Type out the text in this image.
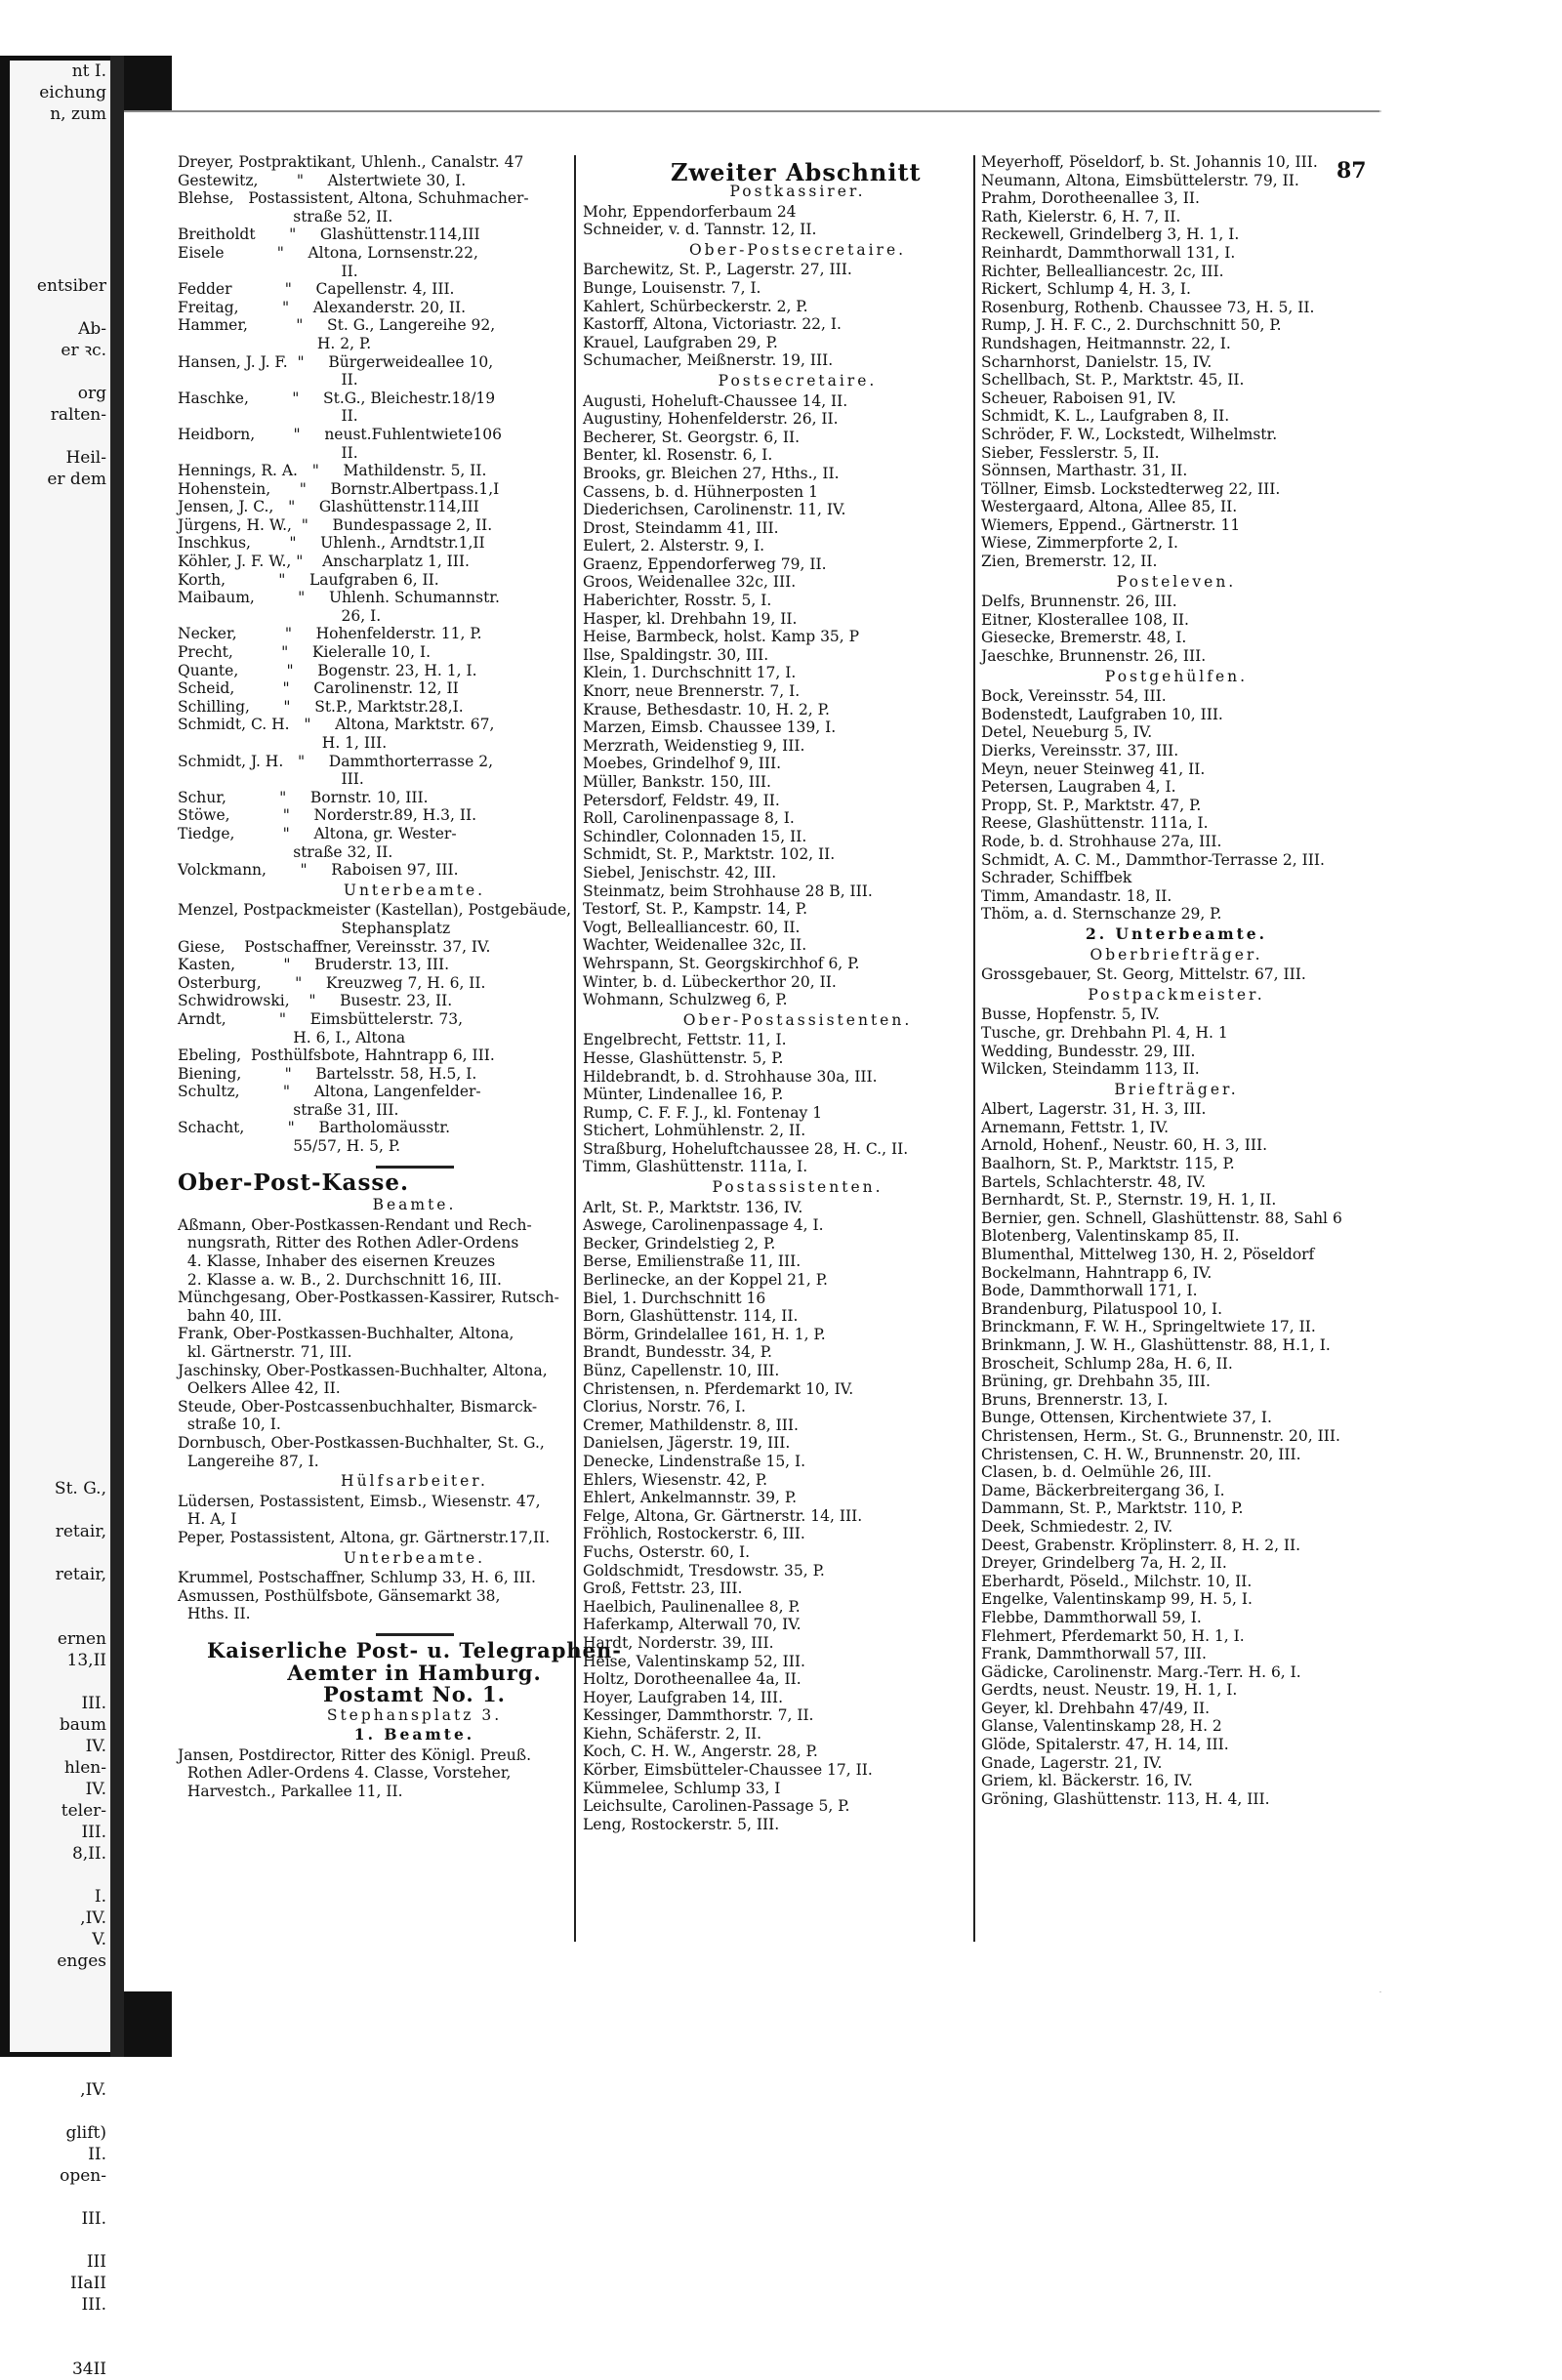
nt I.
eichung
n, zum

entsiber

Ab-
er ꝛc.

org
ralten-

Heil-
er dem

St. G.,

retair,

retair,

ernen
13,II

III.
baum
IV.
hlen-
IV.
teler-
III.
8,II.

I.
,IV.
V.
enges

,IV.

glift)
II.
open-

III.

III
IIaII
III.

34II
Zweiter Abschnitt	87
Dreyer, Postpraktikant, Uhlenh., Canalstr. 47
Gestewitz,        "     Alstertwiete 30, I.
Blehse,   Postassistent, Altona, Schuhmacher-
straße 52, II.
Breitholdt       "     Glashüttenstr.114,III
Eisele           "     Altona, Lornsenstr.22,
II.
Fedder           "     Capellenstr. 4, III.
Freitag,         "     Alexanderstr. 20, II.
Hammer,          "     St. G., Langereihe 92,
H. 2, P.
Hansen, J. J. F.  "     Bürgerweideallee 10,
II.
Haschke,         "     St.G., Bleichestr.18/19
II.
Heidborn,        "     neust.Fuhlentwiete106
II.
Hennings, R. A.   "     Mathildenstr. 5, II.
Hohenstein,      "     Bornstr.Albertpass.1,I
Jensen, J. C.,   "     Glashüttenstr.114,III
Jürgens, H. W.,  "     Bundespassage 2, II.
Inschkus,        "     Uhlenh., Arndtstr.1,II
Köhler, J. F. W., "    Anscharplatz 1, III.
Korth,           "     Laufgraben 6, II.
Maibaum,         "     Uhlenh. Schumannstr.
26, I.
Necker,          "     Hohenfelderstr. 11, P.
Precht,          "     Kieleralle 10, I.
Quante,          "     Bogenstr. 23, H. 1, I.
Scheid,          "     Carolinenstr. 12, II
Schilling,       "     St.P., Marktstr.28,I.
Schmidt, C. H.   "     Altona, Marktstr. 67,
H. 1, III.
Schmidt, J. H.   "     Dammthorterrasse 2,
III.
Schur,           "     Bornstr. 10, III.
Stöwe,           "     Norderstr.89, H.3, II.
Tiedge,          "     Altona, gr. Wester-
straße 32, II.
Volckmann,       "     Raboisen 97, III.
Unterbeamte.
Menzel, Postpackmeister (Kastellan), Postgebäude,
Stephansplatz
Giese,    Postschaffner, Vereinsstr. 37, IV.
Kasten,          "     Bruderstr. 13, III.
Osterburg,       "     Kreuzweg 7, H. 6, II.
Schwidrowski,    "     Busestr. 23, II.
Arndt,           "     Eimsbüttelerstr. 73,
H. 6, I., Altona
Ebeling,  Posthülfsbote, Hahntrapp 6, III.
Biening,         "     Bartelsstr. 58, H.5, I.
Schultz,         "     Altona, Langenfelder-
straße 31, III.
Schacht,         "     Bartholomäusstr.
55/57, H. 5, P.
Ober-Post-Kasse.
Beamte.
Aßmann, Ober-Postkassen-Rendant und Rech-
nungsrath, Ritter des Rothen Adler-Ordens
4. Klasse, Inhaber des eisernen Kreuzes
2. Klasse a. w. B., 2. Durchschnitt 16, III.
Münchgesang, Ober-Postkassen-Kassirer, Rutsch-
bahn 40, III.
Frank, Ober-Postkassen-Buchhalter, Altona,
kl. Gärtnerstr. 71, III.
Jaschinsky, Ober-Postkassen-Buchhalter, Altona,
Oelkers Allee 42, II.
Steude, Ober-Postcassenbuchhalter, Bismarck-
straße 10, I.
Dornbusch, Ober-Postkassen-Buchhalter, St. G.,
Langereihe 87, I.
Hülfsarbeiter.
Lüdersen, Postassistent, Eimsb., Wiesenstr. 47,
H. A, I
Peper, Postassistent, Altona, gr. Gärtnerstr.17,II.
Unterbeamte.
Krummel, Postschaffner, Schlump 33, H. 6, III.
Asmussen, Posthülfsbote, Gänsemarkt 38,
Hths. II.
Kaiserliche Post- u. Telegraphen-
Aemter in Hamburg.
Postamt No. 1.
Stephansplatz 3.
1. Beamte.
Jansen, Postdirector, Ritter des Königl. Preuß.
Rothen Adler-Ordens 4. Classe, Vorsteher,
Harvestch., Parkallee 11, II.
Postkassirer.
Mohr, Eppendorferbaum 24
Schneider, v. d. Tannstr. 12, II.
Ober-Postsecretaire.
Barchewitz, St. P., Lagerstr. 27, III.
Bunge, Louisenstr. 7, I.
Kahlert, Schürbeckerstr. 2, P.
Kastorff, Altona, Victoriastr. 22, I.
Krauel, Laufgraben 29, P.
Schumacher, Meißnerstr. 19, III.
Postsecretaire.
Augusti, Hoheluft-Chaussee 14, II.
Augustiny, Hohenfelderstr. 26, II.
Becherer, St. Georgstr. 6, II.
Benter, kl. Rosenstr. 6, I.
Brooks, gr. Bleichen 27, Hths., II.
Cassens, b. d. Hühnerposten 1
Diederichsen, Carolinenstr. 11, IV.
Drost, Steindamm 41, III.
Eulert, 2. Alsterstr. 9, I.
Graenz, Eppendorferweg 79, II.
Groos, Weidenallee 32c, III.
Haberichter, Rosstr. 5, I.
Hasper, kl. Drehbahn 19, II.
Heise, Barmbeck, holst. Kamp 35, P
Ilse, Spaldingstr. 30, III.
Klein, 1. Durchschnitt 17, I.
Knorr, neue Brennerstr. 7, I.
Krause, Bethesdastr. 10, H. 2, P.
Marzen, Eimsb. Chaussee 139, I.
Merzrath, Weidenstieg 9, III.
Moebes, Grindelhof 9, III.
Müller, Bankstr. 150, III.
Petersdorf, Feldstr. 49, II.
Roll, Carolinenpassage 8, I.
Schindler, Colonnaden 15, II.
Schmidt, St. P., Marktstr. 102, II.
Siebel, Jenischstr. 42, III.
Steinmatz, beim Strohhause 28 B, III.
Testorf, St. P., Kampstr. 14, P.
Vogt, Bellealliancestr. 60, II.
Wachter, Weidenallee 32c, II.
Wehrspann, St. Georgskirchhof 6, P.
Winter, b. d. Lübeckerthor 20, II.
Wohmann, Schulzweg 6, P.
Ober-Postassistenten.
Engelbrecht, Fettstr. 11, I.
Hesse, Glashüttenstr. 5, P.
Hildebrandt, b. d. Strohhause 30a, III.
Münter, Lindenallee 16, P.
Rump, C. F. F. J., kl. Fontenay 1
Stichert, Lohmühlenstr. 2, II.
Straßburg, Hoheluftchaussee 28, H. C., II.
Timm, Glashüttenstr. 111a, I.
Postassistenten.
Arlt, St. P., Marktstr. 136, IV.
Aswege, Carolinenpassage 4, I.
Becker, Grindelstieg 2, P.
Berse, Emilienstraße 11, III.
Berlinecke, an der Koppel 21, P.
Biel, 1. Durchschnitt 16
Born, Glashüttenstr. 114, II.
Börm, Grindelallee 161, H. 1, P.
Brandt, Bundesstr. 34, P.
Bünz, Capellenstr. 10, III.
Christensen, n. Pferdemarkt 10, IV.
Clorius, Norstr. 76, I.
Cremer, Mathildenstr. 8, III.
Danielsen, Jägerstr. 19, III.
Denecke, Lindenstraße 15, I.
Ehlers, Wiesenstr. 42, P.
Ehlert, Ankelmannstr. 39, P.
Felge, Altona, Gr. Gärtnerstr. 14, III.
Fröhlich, Rostockerstr. 6, III.
Fuchs, Osterstr. 60, I.
Goldschmidt, Tresdowstr. 35, P.
Groß, Fettstr. 23, III.
Haelbich, Paulinenallee 8, P.
Haferkamp, Alterwall 70, IV.
Hardt, Norderstr. 39, III.
Heise, Valentinskamp 52, III.
Holtz, Dorotheenallee 4a, II.
Hoyer, Laufgraben 14, III.
Kessinger, Dammthorstr. 7, II.
Kiehn, Schäferstr. 2, II.
Koch, C. H. W., Angerstr. 28, P.
Körber, Eimsbütteler-Chaussee 17, II.
Kümmelee, Schlump 33, I
Leichsulte, Carolinen-Passage 5, P.
Leng, Rostockerstr. 5, III.
Meyerhoff, Pöseldorf, b. St. Johannis 10, III.
Neumann, Altona, Eimsbüttelerstr. 79, II.
Prahm, Dorotheenallee 3, II.
Rath, Kielerstr. 6, H. 7, II.
Reckewell, Grindelberg 3, H. 1, I.
Reinhardt, Dammthorwall 131, I.
Richter, Bellealliancestr. 2c, III.
Rickert, Schlump 4, H. 3, I.
Rosenburg, Rothenb. Chaussee 73, H. 5, II.
Rump, J. H. F. C., 2. Durchschnitt 50, P.
Rundshagen, Heitmannstr. 22, I.
Scharnhorst, Danielstr. 15, IV.
Schellbach, St. P., Marktstr. 45, II.
Scheuer, Raboisen 91, IV.
Schmidt, K. L., Laufgraben 8, II.
Schröder, F. W., Lockstedt, Wilhelmstr.
Sieber, Fesslerstr. 5, II.
Sönnsen, Marthastr. 31, II.
Töllner, Eimsb. Lockstedterweg 22, III.
Westergaard, Altona, Allee 85, II.
Wiemers, Eppend., Gärtnerstr. 11
Wiese, Zimmerpforte 2, I.
Zien, Bremerstr. 12, II.
Posteleven.
Delfs, Brunnenstr. 26, III.
Eitner, Klosterallee 108, II.
Giesecke, Bremerstr. 48, I.
Jaeschke, Brunnenstr. 26, III.
Postgehülfen.
Bock, Vereinsstr. 54, III.
Bodenstedt, Laufgraben 10, III.
Detel, Neueburg 5, IV.
Dierks, Vereinsstr. 37, III.
Meyn, neuer Steinweg 41, II.
Petersen, Laugraben 4, I.
Propp, St. P., Marktstr. 47, P.
Reese, Glashüttenstr. 111a, I.
Rode, b. d. Strohhause 27a, III.
Schmidt, A. C. M., Dammthor-Terrasse 2, III.
Schrader, Schiffbek
Timm, Amandastr. 18, II.
Thöm, a. d. Sternschanze 29, P.
2. Unterbeamte.
Oberbriefträger.
Grossgebauer, St. Georg, Mittelstr. 67, III.
Postpackmeister.
Busse, Hopfenstr. 5, IV.
Tusche, gr. Drehbahn Pl. 4, H. 1
Wedding, Bundesstr. 29, III.
Wilcken, Steindamm 113, II.
Briefträger.
Albert, Lagerstr. 31, H. 3, III.
Arnemann, Fettstr. 1, IV.
Arnold, Hohenf., Neustr. 60, H. 3, III.
Baalhorn, St. P., Marktstr. 115, P.
Bartels, Schlachterstr. 48, IV.
Bernhardt, St. P., Sternstr. 19, H. 1, II.
Bernier, gen. Schnell, Glashüttenstr. 88, Sahl 6
Blotenberg, Valentinskamp 85, II.
Blumenthal, Mittelweg 130, H. 2, Pöseldorf
Bockelmann, Hahntrapp 6, IV.
Bode, Dammthorwall 171, I.
Brandenburg, Pilatuspool 10, I.
Brinckmann, F. W. H., Springeltwiete 17, II.
Brinkmann, J. W. H., Glashüttenstr. 88, H.1, I.
Broscheit, Schlump 28a, H. 6, II.
Brüning, gr. Drehbahn 35, III.
Bruns, Brennerstr. 13, I.
Bunge, Ottensen, Kirchentwiete 37, I.
Christensen, Herm., St. G., Brunnenstr. 20, III.
Christensen, C. H. W., Brunnenstr. 20, III.
Clasen, b. d. Oelmühle 26, III.
Dame, Bäckerbreitergang 36, I.
Dammann, St. P., Marktstr. 110, P.
Deek, Schmiedestr. 2, IV.
Deest, Grabenstr. Kröplinsterr. 8, H. 2, II.
Dreyer, Grindelberg 7a, H. 2, II.
Eberhardt, Pöseld., Milchstr. 10, II.
Engelke, Valentinskamp 99, H. 5, I.
Flebbe, Dammthorwall 59, I.
Flehmert, Pferdemarkt 50, H. 1, I.
Frank, Dammthorwall 57, III.
Gädicke, Carolinenstr. Marg.-Terr. H. 6, I.
Gerdts, neust. Neustr. 19, H. 1, I.
Geyer, kl. Drehbahn 47/49, II.
Glanse, Valentinskamp 28, H. 2
Glöde, Spitalerstr. 47, H. 14, III.
Gnade, Lagerstr. 21, IV.
Griem, kl. Bäckerstr. 16, IV.
Gröning, Glashüttenstr. 113, H. 4, III.
